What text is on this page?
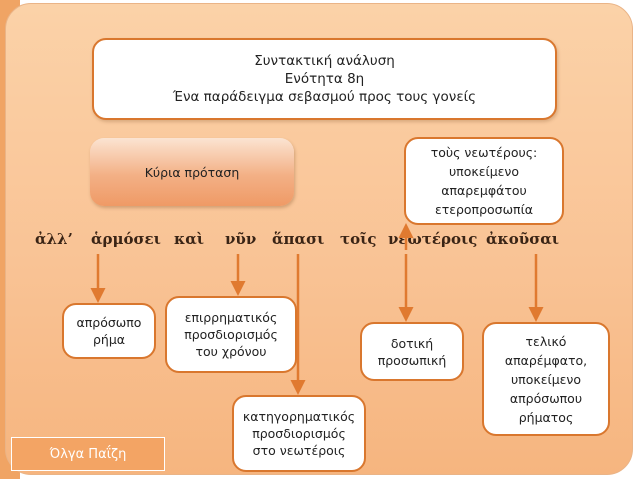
Συντακτική ανάλυση
Ενότητα 8η
Ένα παράδειγμα σεβασμού προς τους γονείς
Κύρια πρόταση
τοὺς νεωτέρους:
υποκείμενο
απαρεμφάτου
ετεροπροσωπία
ἀλλ’ ἁρμόσει καὶ νῦν ἅπασι τοῖς νεωτέροις ἀκοῦσαι
απρόσωπο
ρήμα
επιρρηματικός
προσδιορισμός
του χρόνου
δοτική
προσωπική
τελικό
απαρέμφατο,
υποκείμενο
απρόσωπου
ρήματος
κατηγορηματικός
προσδιορισμός
στο νεωτέροις
Όλγα Παΐζη
